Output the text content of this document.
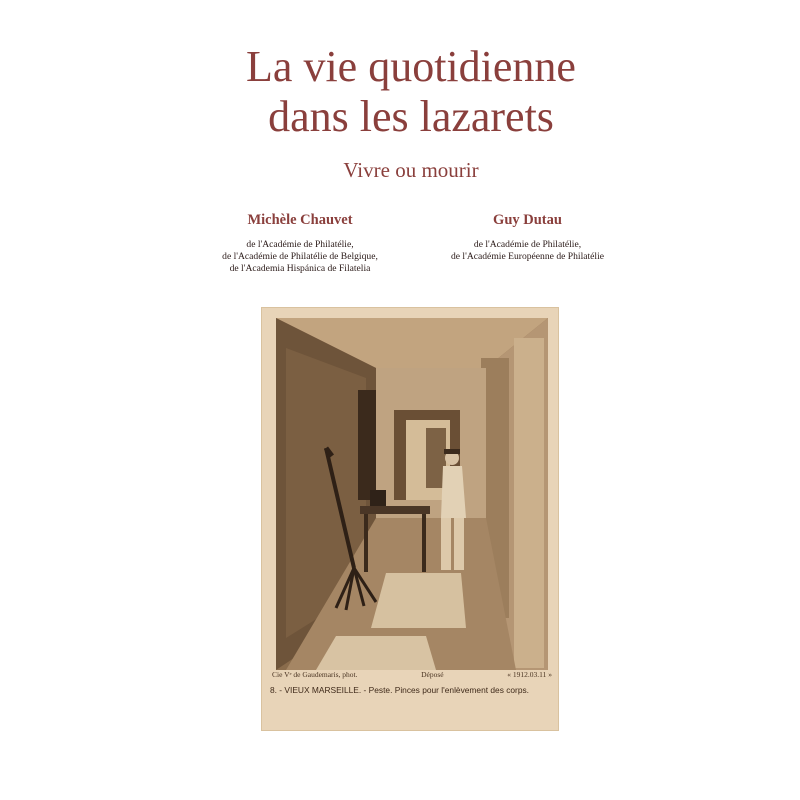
La vie quotidienne
dans les lazarets

Vivre ou mourir

Michèle Chauvet
de l'Académie de Philatélie,
de l'Académie de Philatélie de Belgique,
de l'Academia Hispánica de Filatelia
Guy Dutau
de l'Académie de Philatélie,
de l'Académie Européenne de Philatélie
Cie Vᵉ de Gaudemaris, phot.	Déposé	« 1912.03.11 »
8. - VIEUX MARSEILLE. - Peste. Pinces pour l'enlèvement des corps.
